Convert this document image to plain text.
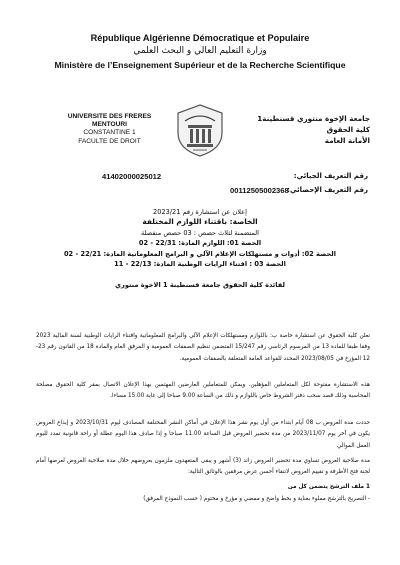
République Algérienne Démocratique et Populaire
وزارة التعليم العالي و البحث العلمي
Ministère de l’Enseignement Supérieur et de la Recherche Scientifique
UNIVERSITE DES FRERES MENTOURI
CONSTANTINE 1
FACULTE DE DROIT
جامعة الإخوة منتوري قسنطينة1
كلية الحقوق
الأمانة العامة
41402000025012	رقم التعريف الجبائي:
00112505002368
رقم التعريف الإحصائي:
إعلان عن استشارة رقم 2023/21
الخاصة: باقتناء اللوازم المختلفة
المتضمنة لثلاث حصص : 03 حصص منفصلة
الحصة 01: اللوازم المادة: 22/31 - 02
الحصة 02: أدوات و مستهلكات الإعلام الآلي و البرامج المعلوماتية المادة: 22/21 - 02
الحصة 03 : اقتناء الرايات الوطنية المادة: 22/13 - 11
لفائدة كلية الحقوق جامعة قسنطينة 1 الاخوة منتوري
تعلن كلية الحقوق عن استشارة خاصة ب: باللوازم ومستهلكات الإعلام الآلي والبرامج المعلوماتية واقتناء الرايات الوطنية لسنة المالية 2023 وفقا طبقا للمادة 13 من المرسوم الرئاسي رقم 15/247 المتضمن تنظيم الصفقات العمومية و المرفق العام والمادة 18 من القانون رقم 23-12 المؤرخ في 2023/08/05 المحدد للقواعد العامة المتعلقة بالصفقات العمومية.
هذه الاستشارة مفتوحة لكل المتعاملين المؤهلين. ويمكن للمتعاملين العارضين المهتمين بهذا الإعلان الاتصال بمقر كلية الحقوق مصلحة المحاسبة وذلك قصد سحب دفتر الشروط خاص باللوازم و ذلك من الساعة 9.00 صباحا إلى غاية 15.00 مساءا.
حددت مدة العروض ب 08 أيام ابتداء من أول يوم نشر هذا الإعلان في أماكن النشر المختلفة المصادف ليوم 2023/10/31 و إيداع العروض يكون في آخر يوم 2023/11/07 من مدة تحضير العروض قبل الساعة 11.00 صباحا و إذا صادف هذا اليوم عطلة أو راحة قانونية تمدد لليوم العمل الموالي
مدة صلاحية العروض تساوي مدة تحضير العروض زائد (3) أشهر و يبقى المتعهدون ملزمون بعروضهم خلال مدة صلاحية العروض لعرضها أمام لجنة فتح الأظرفة و تقييم العروض لانتقاء أحسن عرض مرفقين بالوثائق التالية:
1 ملف الترشح يتضمن كل من
- التصريح بالترشح مملوء بعناية و بخط واضح و ممضي و مؤرخ و مختوم ( حسب النموذج المرفق)
